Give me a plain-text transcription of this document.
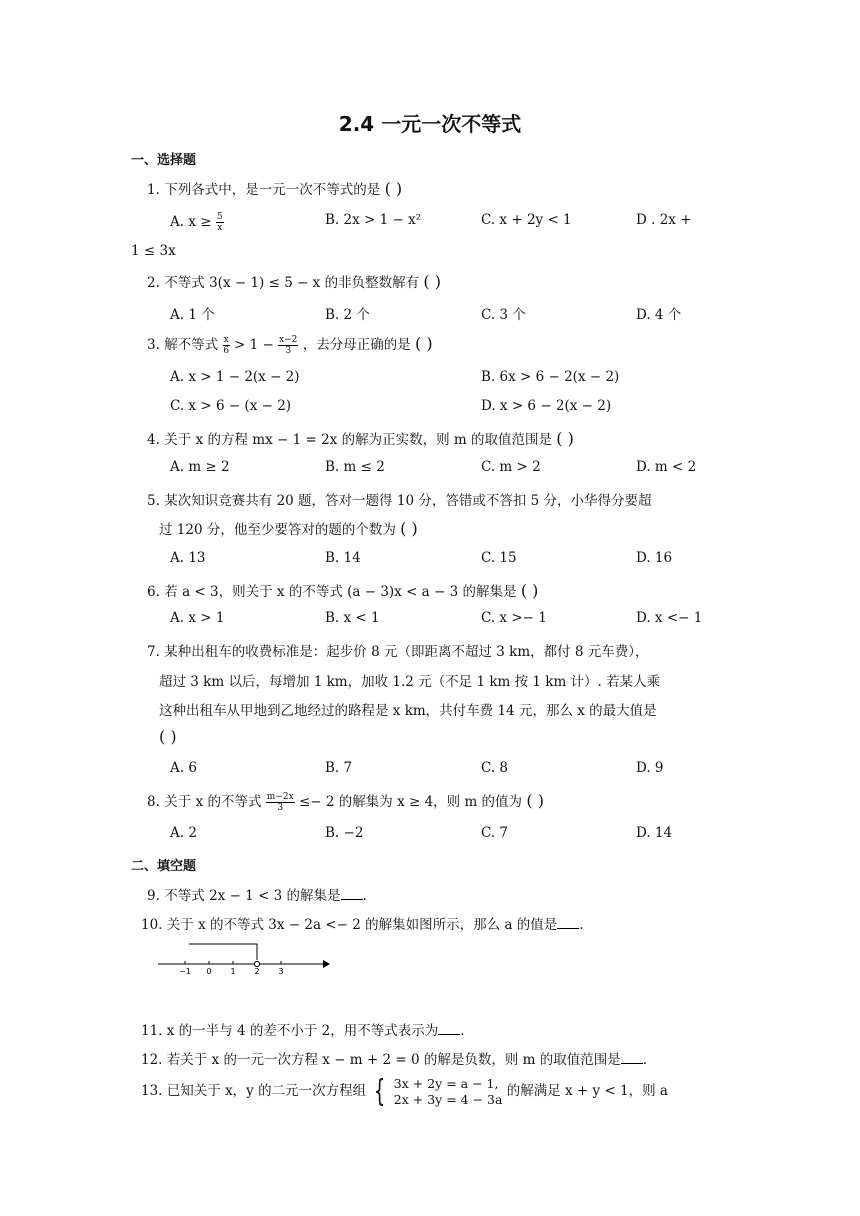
2.4 一元一次不等式
一、选择题
1. 下列各式中，是一元一次不等式的是 ( )
A. $x \ge \frac{5}{x}$	B. 2x > 1 − x²	C. x + 2y < 1	D . 2x +
1 ≤ 3x
2. 不等式 3(x − 1) ≤ 5 − x 的非负整数解有 ( )
A. 1 个	B. 2 个	C. 3 个	D. 4 个
3. 解不等式 $\frac{x}{6} > 1 - \frac{x-2}{3}$ ，去分母正确的是 ( )
A. x > 1 − 2(x − 2)	B. 6x > 6 − 2(x − 2)
C. x > 6 − (x − 2)	D. x > 6 − 2(x − 2)
4. 关于 x 的方程 mx − 1 = 2x 的解为正实数，则 m 的取值范围是 ( )
A. m ≥ 2	B. m ≤ 2	C. m > 2	D. m < 2
5. 某次知识竞赛共有 20 题，答对一题得 10 分，答错或不答扣 5 分，小华得分要超
过 120 分，他至少要答对的题的个数为 ( )
A. 13	B. 14	C. 15	D. 16
6. 若 a < 3，则关于 x 的不等式 (a − 3)x < a − 3 的解集是 ( )
A. x > 1	B. x < 1	C. x >− 1	D. x <− 1
7. 某种出租车的收费标准是：起步价 8 元（即距离不超过 3 km，都付 8 元车费），
超过 3 km 以后，每增加 1 km，加收 1.2 元（不足 1 km 按 1 km 计）. 若某人乘
这种出租车从甲地到乙地经过的路程是 x km，共付车费 14 元，那么 x 的最大值是
( )
A. 6	B. 7	C. 8	D. 9
8. 关于 x 的不等式 $\frac{m-2x}{3} \le- 2$ 的解集为 x ≥ 4，则 m 的值为 ( )
A. 2	B. −2	C. 7	D. 14
二、填空题
9. 不等式 2x − 1 < 3 的解集是 .
10. 关于 x 的不等式 3x − 2a <− 2 的解集如图所示，那么 a 的值是 .
−1 0 1 2 3
11. x 的一半与 4 的差不小于 2，用不等式表示为 .
12. 若关于 x 的一元一次方程 x − m + 2 = 0 的解是负数，则 m 的取值范围是 .
13. 已知关于 x，y 的二元一次方程组 { 3x + 2y = a − 1,
2x + 3y = 4 − 3a 的解满足 x + y < 1，则 a
